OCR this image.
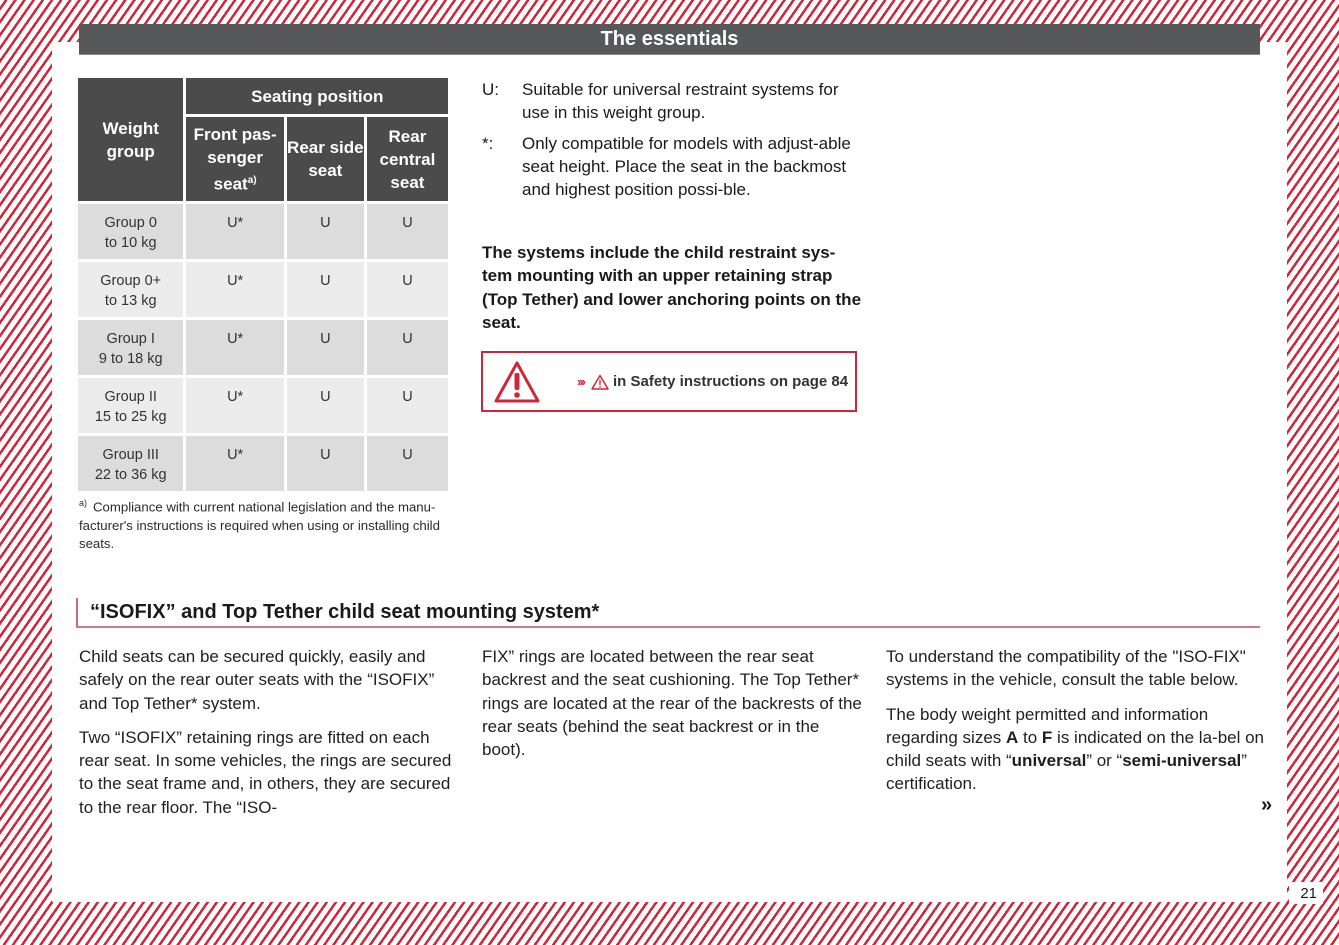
The essentials
Weight group	Seating position		
	Front pas- senger seat$^{a)}$	Rear side seat	Rear central seat
Group 0
to 10 kg	U*	U	U
Group 0+
to 13 kg	U*	U	U
Group I
9 to 18 kg	U*	U	U
Group II
15 to 25 kg	U*	U	U
Group III
22 to 36 kg	U*	U	U
$^{a)}$ Compliance with current national legislation and the manu-facturer's instructions is required when using or installing child seats.
U:	Suitable for universal restraint systems for use in this weight group.
*:	Only compatible for models with adjust-able seat height. Place the seat in the backmost and highest position possi-ble.
The systems include the child restraint sys-tem mounting with an upper retaining strap (Top Tether) and lower anchoring points on the seat.
››› in Safety instructions on page 84
“ISOFIX” and Top Tether child seat mounting system*

Child seats can be secured quickly, easily and safely on the rear outer seats with the “ISOFIX” and Top Tether* system.

Two “ISOFIX” retaining rings are fitted on each rear seat. In some vehicles, the rings are secured to the seat frame and, in others, they are secured to the rear floor. The “ISO-

FIX” rings are located between the rear seat backrest and the seat cushioning. The Top Tether* rings are located at the rear of the backrests of the rear seats (behind the seat backrest or in the boot).

To understand the compatibility of the "ISO-FIX" systems in the vehicle, consult the table below.

The body weight permitted and information regarding sizes A to F is indicated on the la-bel on child seats with “universal” or “semi-universal” certification.

»
21
